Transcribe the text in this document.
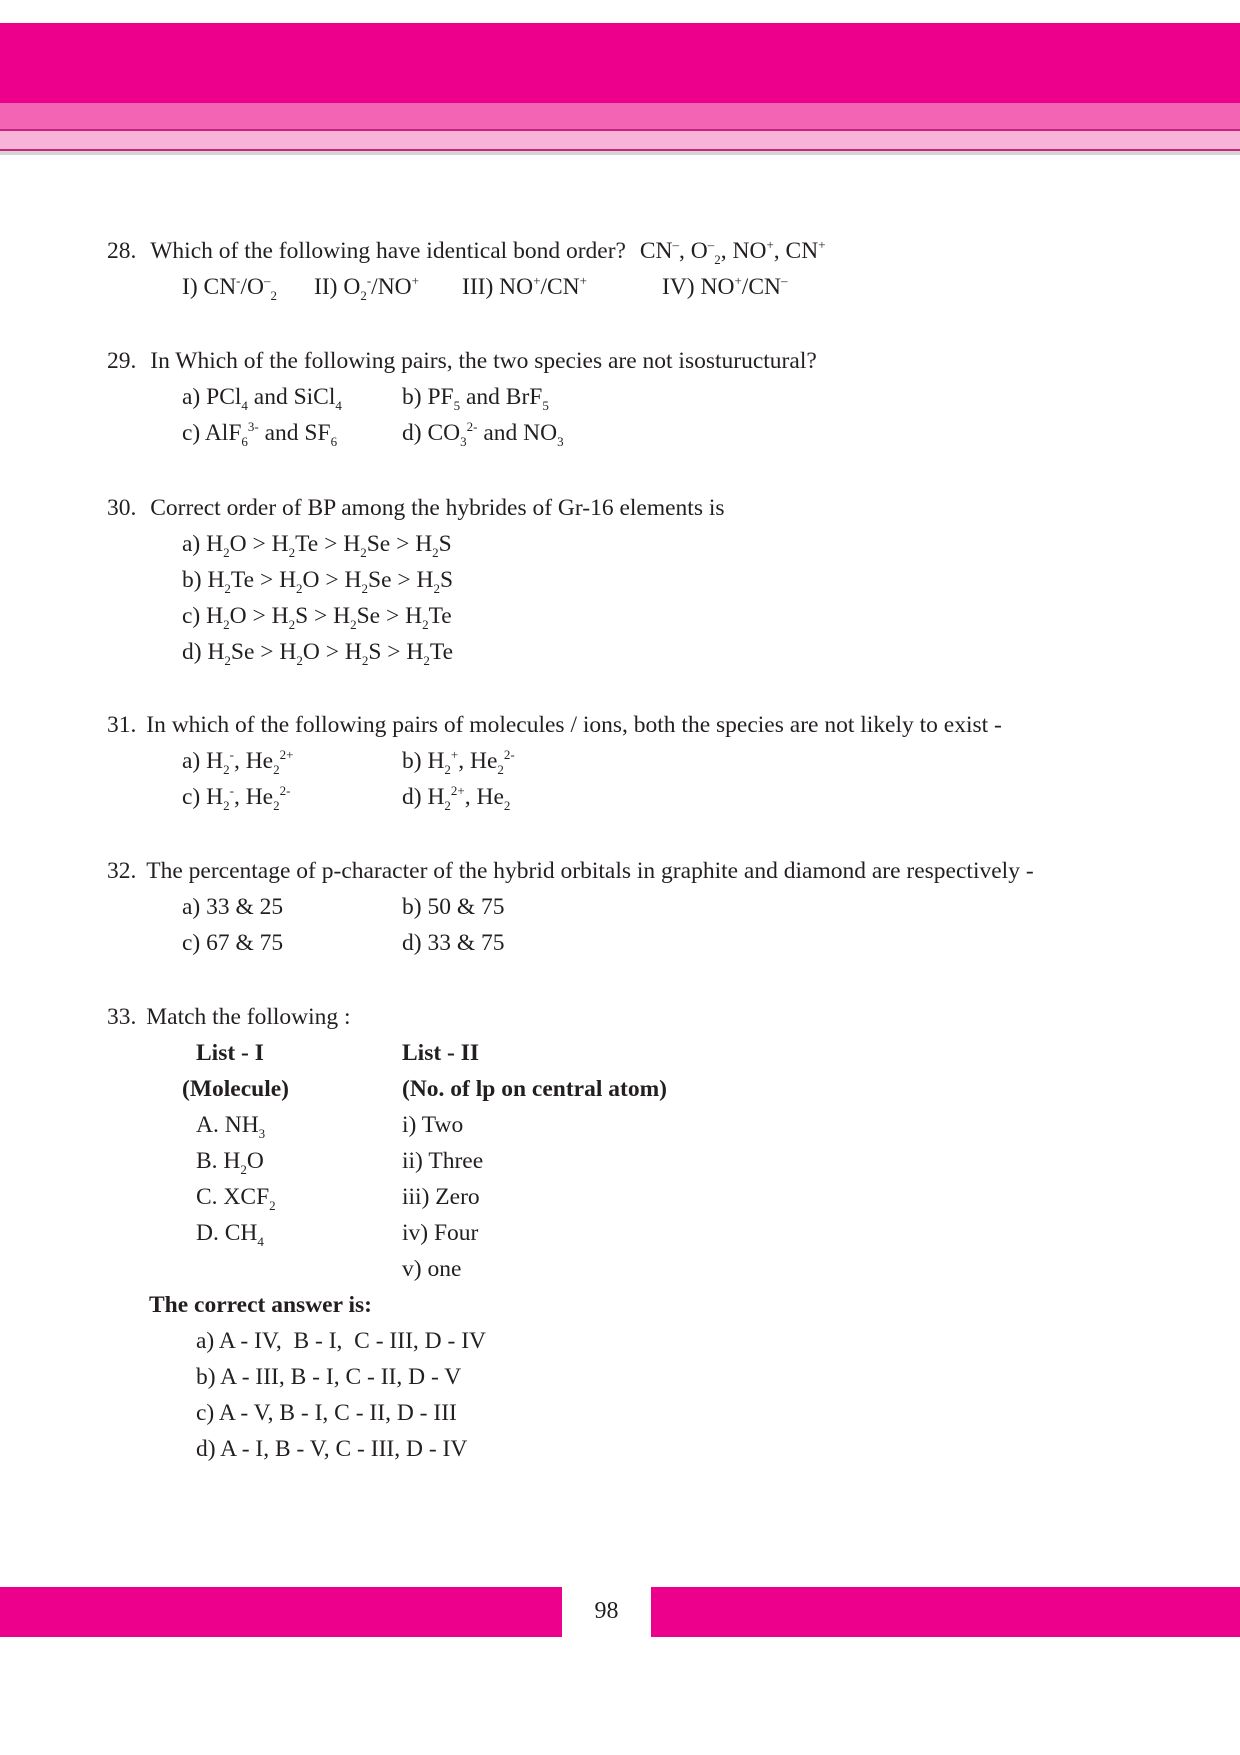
28. Which of the following have identical bond order? CN–, $O^-_2$, NO+, CN+
I) $CN^-/O^-_2$ II) $O_2^-/NO^+$ III) NO+/CN+	IV) NO+/CN–
29. In Which of the following pairs, the two species are not isostuructural?
a) PCl$_4$ and SiCl$_4$	b) $PF_5$ and BrF$_5$
c) AlF$_6^{3-}$ and $SF_6$	d) $CO_3^{2-}$ and $NO_3$
30. Correct order of BP among the hybrides of Gr-16 elements is
a) $H_2O > H_2Te > H_2Se > H_2S$
b) $H_2Te > H_2O > H_2Se > H_2S$
c) $H_2O > H_2S > H_2Se > H_2Te$
d) $H_2Se > H_2O > H_2S > H_2Te$
31. In which of the following pairs of molecules / ions, both the species are not likely to exist -
a) $H_2^-$, $He_2^{2+}$	b) $H_2^+$, $He_2^{2-}$
c) $H_2^-$, $He_2^{2-}$	d) $H_2^{2+}$, $He_2$
32. The percentage of p-character of the hybrid orbitals in graphite and diamond are respectively -
a) 33 & 25	b) 50 & 75
c) 67 & 75	d) 33 & 75
33. Match the following :
List - I	List - II
(Molecule)	(No. of lp on central atom)
A. $NH_3$	i) Two
B. $H_2O$	ii) Three
C. $XCF_2$	iii) Zero
D. $CH_4$	iv) Four
v) one
The correct answer is:
a) A - IV,  B - I,  C - III, D - IV
b) A - III, B - I, C - II, D - V
c) A - V, B - I, C - II, D - III
d) A - I, B - V, C - III, D - IV
98
